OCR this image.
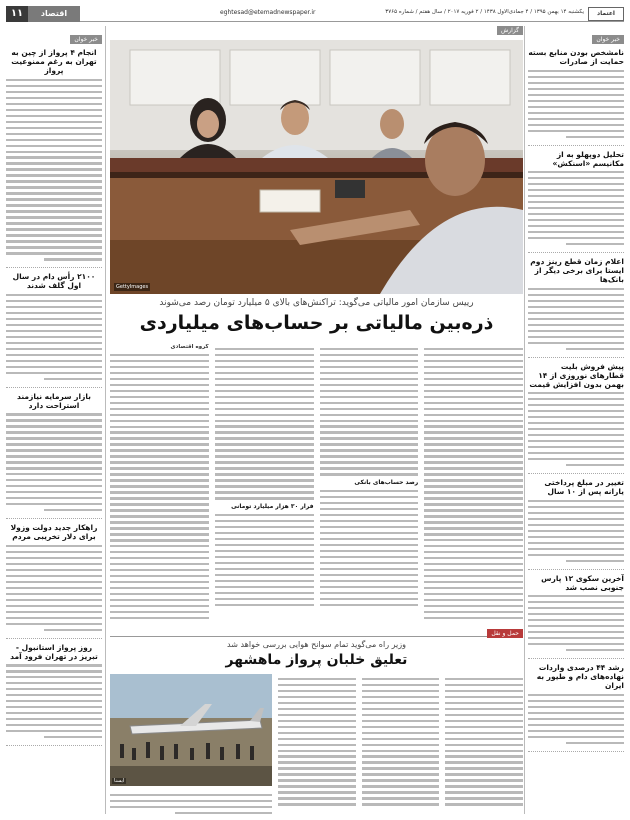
۱۱	اقتصاد	eghtesad@etemadnewspaper.ir	یکشنبه ۱۴ بهمن ۱۳۹۵ / ۴ جمادی‌الاول ۱۴۳۸ / ۲ فوریه ۲۰۱۷ / سال هفتم / شماره ۳۷۶۵	اعتماد
خبر خوان
نامشخص بودن منابع بسته حمایت از صادرات
تحلیل دوپهلو به از مکانیسم «اسنکش»
اعلام زمان قطع رینز دوم ایستا برای برخی دیگر از بانک‌ها
پیش فروش بلیت قطارهای نوروزی از ۱۴ بهمن بدون افزایش قیمت
تغییر در مبلغ پرداختی یارانه پس از ۱۰ سال
آخرین سکوی ۱۲ پارس جنوبی نصب شد
رشد ۴۴ درصدی واردات نهاده‌های دام و طیور به ایران
خبر خوان
انجام ۴ پرواز از چین به تهران به رغم ممنوعیت پرواز
۲۱۰۰ رأس دام در سال اول گلف شدند
بازار سرمایه نیازمند استراحت دارد
راهکار جدید دولت وزولا برای دلار تخریبی مردم
روز پرواز استانبول - تبریز در تهران فرود آمد
گزارش
GettyImages
رییس سازمان امور مالیاتی می‌گوید: تراکنش‌های بالای ۵ میلیارد تومان رصد می‌شوند
ذره‌بین مالیاتی بر حساب‌های میلیاردی
رصد حساب‌های بانکی
فرار ۳۰ هزار میلیارد تومانی
گروه اقتصادی
حمل و نقل
وزیر راه می‌گوید تمام سوانح هوایی بررسی خواهد شد
تعلیق خلبان پرواز ماهشهر
ایسنا
